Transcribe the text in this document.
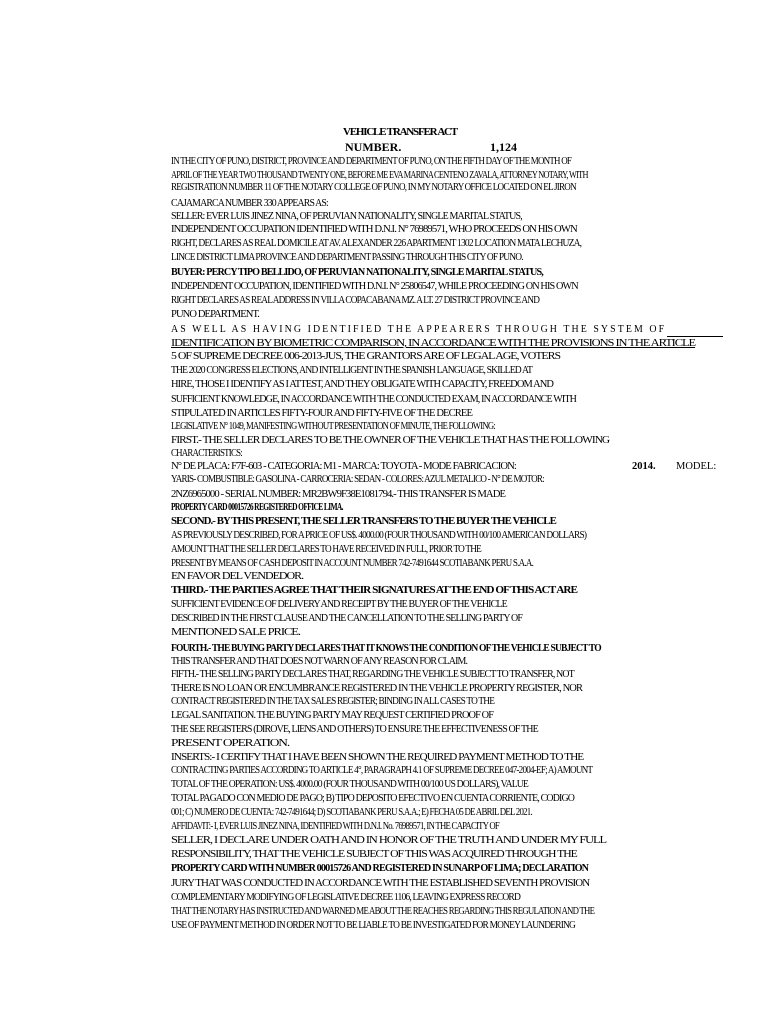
VEHICLE TRANSFER ACT
NUMBER.	1,124
IN THE CITY OF PUNO, DISTRICT, PROVINCE AND DEPARTMENT OF PUNO, ON THE FIFTH DAY OF THE MONTH OF
APRIL OF THE YEAR TWO THOUSAND TWENTY ONE, BEFORE ME EVA MARINA CENTENO ZAVALA, ATTORNEY NOTARY, WITH
REGISTRATION NUMBER 11 OF THE NOTARY COLLEGE OF PUNO, IN MY NOTARY OFFICE LOCATED ON EL JIRON
CAJAMARCA NUMBER 330 APPEARS AS:
SELLER: EVER LUIS JINEZ NINA, OF PERUVIAN NATIONALITY, SINGLE MARITAL STATUS,
INDEPENDENT OCCUPATION IDENTIFIED WITH D.N.I. N° 76989571, WHO PROCEEDS ON HIS OWN
RIGHT, DECLARES AS REAL DOMICILE AT AV. ALEXANDER 226 APARTMENT 1302 LOCATION MATA LECHUZA,
LINCE DISTRICT LIMA PROVINCE AND DEPARTMENT PASSING THROUGH THIS CITY OF PUNO.
BUYER: PERCY TIPO BELLIDO, OF PERUVIAN NATIONALITY, SINGLE MARITAL STATUS,
INDEPENDENT OCCUPATION, IDENTIFIED WITH D.N.I. N° 25806547, WHILE PROCEEDING ON HIS OWN
RIGHT DECLARES AS REAL ADDRESS IN VILLA COPACABANA MZ. A LT. 27 DISTRICT PROVINCE AND
PUNO DEPARTMENT.
AS WELL AS HAVING IDENTIFIED THE APPEARERS THROUGH THE SYSTEM OF
IDENTIFICATION BY BIOMETRIC COMPARISON, IN ACCORDANCE WITH THE PROVISIONS IN THE ARTICLE
5 OF SUPREME DECREE 006-2013-JUS, THE GRANTORS ARE OF LEGAL AGE, VOTERS
THE 2020 CONGRESS ELECTIONS, AND INTELLIGENT IN THE SPANISH LANGUAGE, SKILLED AT
HIRE, THOSE I IDENTIFY AS I ATTEST, AND THEY OBLIGATE WITH CAPACITY, FREEDOM AND
SUFFICIENT KNOWLEDGE, IN ACCORDANCE WITH THE CONDUCTED EXAM, IN ACCORDANCE WITH
STIPULATED IN ARTICLES FIFTY-FOUR AND FIFTY-FIVE OF THE DECREE
LEGISLATIVE N° 1049, MANIFESTING WITHOUT PRESENTATION OF MINUTE, THE FOLLOWING:
FIRST.- THE SELLER DECLARES TO BE THE OWNER OF THE VEHICLE THAT HAS THE FOLLOWING
CHARACTERISTICS:
N° DE PLACA: F7F-603 - CATEGORIA: M1 - MARCA: TOYOTA - MODE FABRICACION:
YARIS- COMBUSTIBLE: GASOLINA - CARROCERIA: SEDAN - COLORES: AZUL METALICO - N° DE MOTOR:
2NZ6965000 - SERIAL NUMBER: MR2BW9F38E1081794.- THIS TRANSFER IS MADE
PROPERTY CARD 00015726 REGISTERED OFFICE LIMA.
SECOND.- BY THIS PRESENT, THE SELLER TRANSFERS TO THE BUYER THE VEHICLE
AS PREVIOUSLY DESCRIBED, FOR A PRICE OF US$. 4000.00 (FOUR THOUSAND WITH 00/100 AMERICAN DOLLARS)
AMOUNT THAT THE SELLER DECLARES TO HAVE RECEIVED IN FULL, PRIOR TO THE
PRESENT BY MEANS OF CASH DEPOSIT IN ACCOUNT NUMBER 742-7491644 SCOTIABANK PERU S.A.A.
EN FAVOR DEL VENDEDOR.
THIRD.- THE PARTIES AGREE THAT THEIR SIGNATURES AT THE END OF THIS ACT ARE
SUFFICIENT EVIDENCE OF DELIVERY AND RECEIPT BY THE BUYER OF THE VEHICLE
DESCRIBED IN THE FIRST CLAUSE AND THE CANCELLATION TO THE SELLING PARTY OF
MENTIONED SALE PRICE.
FOURTH.- THE BUYING PARTY DECLARES THAT IT KNOWS THE CONDITION OF THE VEHICLE SUBJECT TO
THIS TRANSFER AND THAT DOES NOT WARN OF ANY REASON FOR CLAIM.
FIFTH.- THE SELLING PARTY DECLARES THAT, REGARDING THE VEHICLE SUBJECT TO TRANSFER, NOT
THERE IS NO LOAN OR ENCUMBRANCE REGISTERED IN THE VEHICLE PROPERTY REGISTER, NOR
CONTRACT REGISTERED IN THE TAX SALES REGISTER; BINDING IN ALL CASES TO THE
LEGAL SANITATION. THE BUYING PARTY MAY REQUEST CERTIFIED PROOF OF
THE SEE REGISTERS (DIROVE, LIENS AND OTHERS) TO ENSURE THE EFFECTIVENESS OF THE
PRESENT OPERATION.
INSERTS:- I CERTIFY THAT I HAVE BEEN SHOWN THE REQUIRED PAYMENT METHOD TO THE
CONTRACTING PARTIES ACCORDING TO ARTICLE 4°, PARAGRAPH 4.1 OF SUPREME DECREE 047-2004-EF; A) AMOUNT
TOTAL OF THE OPERATION: US$. 4000.00 (FOUR THOUSAND WITH 00/100 US DOLLARS), VALUE
TOTAL PAGADO CON MEDIO DE PAGO; B) TIPO DEPOSITO EFECTIVO EN CUENTA CORRIENTE, CODIGO
001; C) NUMERO DE CUENTA: 742-7491644; D) SCOTIABANK PERU S.A.A.; E) FECHA 05 DE ABRIL DEL 2021.
AFFIDAVIT:- I, EVER LUIS JINEZ NINA, IDENTIFIED WITH D.N.I. No. 76989571, IN THE CAPACITY OF
SELLER, I DECLARE UNDER OATH AND IN HONOR OF THE TRUTH AND UNDER MY FULL
RESPONSIBILITY, THAT THE VEHICLE SUBJECT OF THIS WAS ACQUIRED THROUGH THE
PROPERTY CARD WITH NUMBER 00015726 AND REGISTERED IN SUNARP OF LIMA; DECLARATION
JURY THAT WAS CONDUCTED IN ACCORDANCE WITH THE ESTABLISHED SEVENTH PROVISION
COMPLEMENTARY MODIFYING OF LEGISLATIVE DECREE 1106, LEAVING EXPRESS RECORD
THAT THE NOTARY HAS INSTRUCTED AND WARNED ME ABOUT THE REACHES REGARDING THIS REGULATION AND THE
USE OF PAYMENT METHOD IN ORDER NOT TO BE LIABLE TO BE INVESTIGATED FOR MONEY LAUNDERING
2014. MODEL:
